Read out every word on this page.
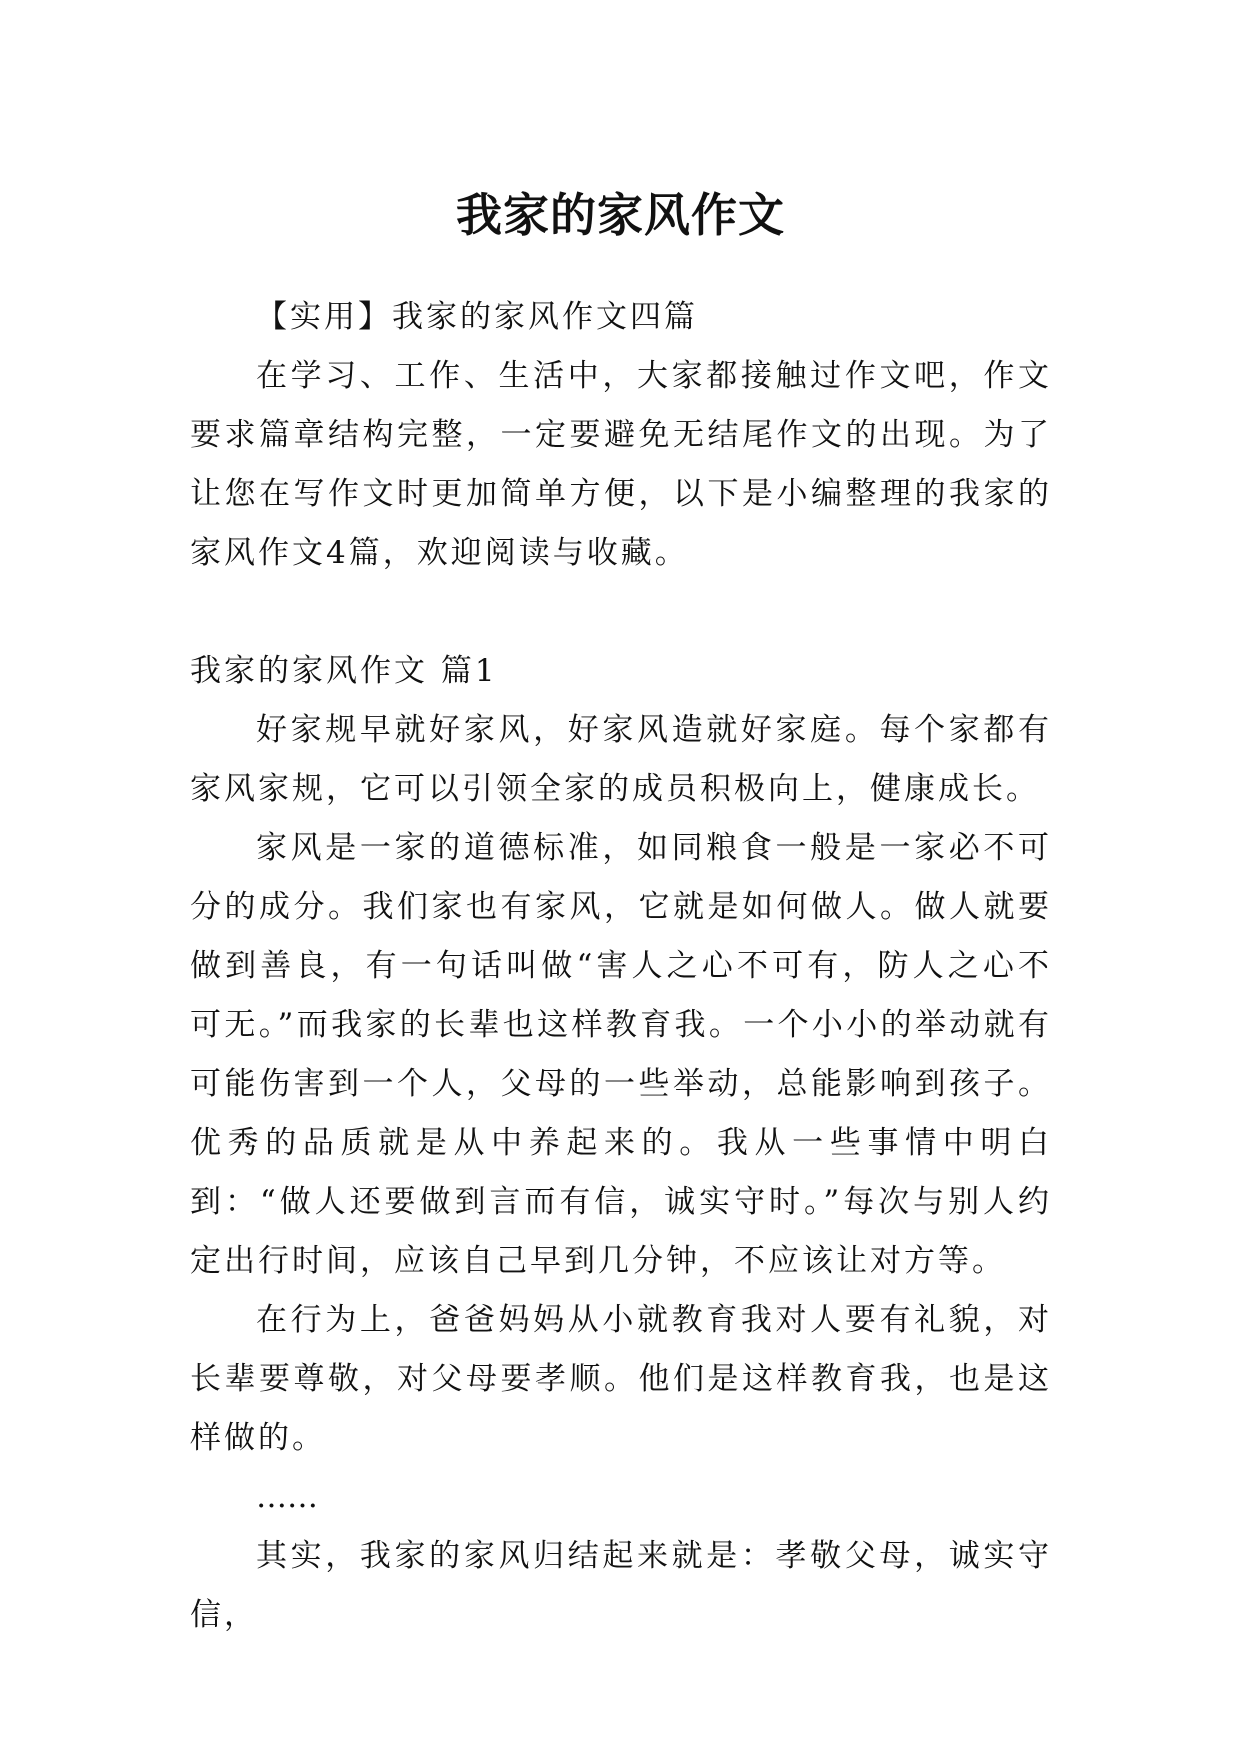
我家的家风作文

【实用】我家的家风作文四篇

在学习、工作、生活中，大家都接触过作文吧，作文要求篇章结构完整，一定要避免无结尾作文的出现。为了让您在写作文时更加简单方便，以下是小编整理的我家的家风作文4篇，欢迎阅读与收藏。

我家的家风作文 篇1

好家规早就好家风，好家风造就好家庭。每个家都有家风家规，它可以引领全家的成员积极向上，健康成长。

家风是一家的道德标准，如同粮食一般是一家必不可分的成分。我们家也有家风，它就是如何做人。做人就要做到善良，有一句话叫做“害人之心不可有，防人之心不可无。”而我家的长辈也这样教育我。一个小小的举动就有可能伤害到一个人，父母的一些举动，总能影响到孩子。优秀的品质就是从中养起来的。我从一些事情中明白到：“做人还要做到言而有信，诚实守时。”每次与别人约定出行时间，应该自己早到几分钟，不应该让对方等。

在行为上，爸爸妈妈从小就教育我对人要有礼貌，对长辈要尊敬，对父母要孝顺。他们是这样教育我，也是这样做的。

……

其实，我家的家风归结起来就是：孝敬父母，诚实守信，
